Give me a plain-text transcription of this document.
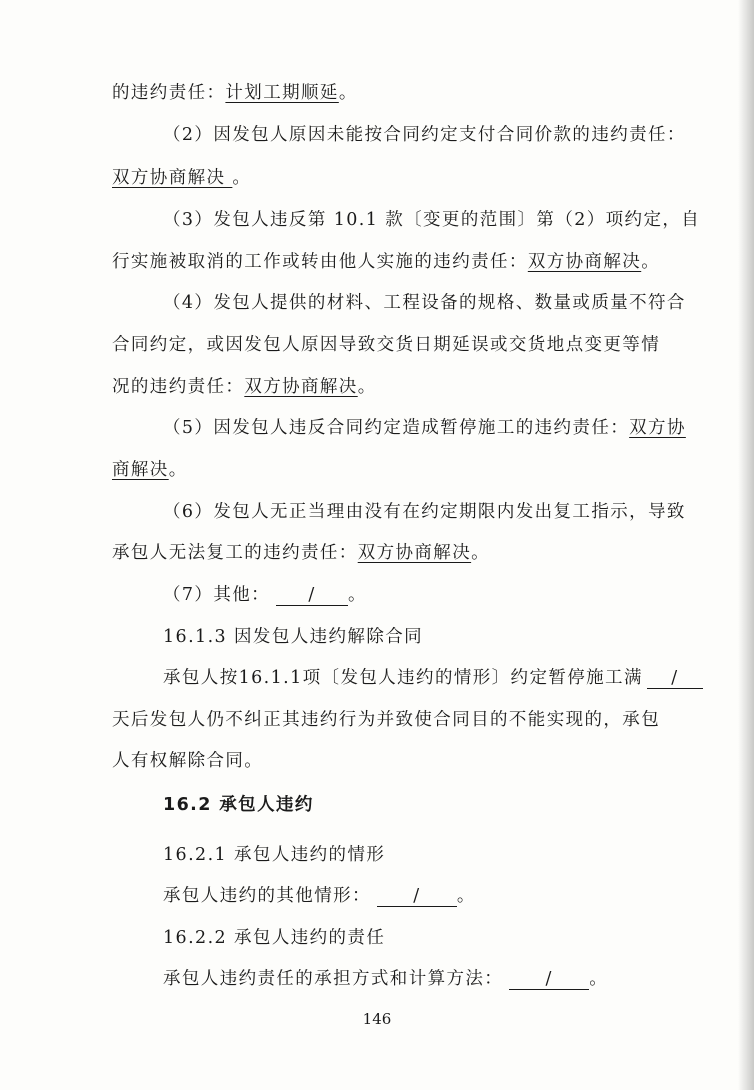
的违约责任：计划工期顺延。
（2）因发包人原因未能按合同约定支付合同价款的违约责任：
双方协商解决 。
（3）发包人违反第 10.1 款〔变更的范围〕第（2）项约定，自
行实施被取消的工作或转由他人实施的违约责任：双方协商解决。
（4）发包人提供的材料、工程设备的规格、数量或质量不符合
合同约定，或因发包人原因导致交货日期延误或交货地点变更等情
况的违约责任：双方协商解决。
（5）因发包人违反合同约定造成暂停施工的违约责任：双方协
商解决。
（6）发包人无正当理由没有在约定期限内发出复工指示，导致
承包人无法复工的违约责任：双方协商解决。
（7）其他： / 。
16.1.3 因发包人违约解除合同
承包人按16.1.1项〔发包人违约的情形〕约定暂停施工满 /
天后发包人仍不纠正其违约行为并致使合同目的不能实现的，承包
人有权解除合同。
16.2 承包人违约
16.2.1 承包人违约的情形
承包人违约的其他情形： / 。
16.2.2 承包人违约的责任
承包人违约责任的承担方式和计算方法： / 。
146
